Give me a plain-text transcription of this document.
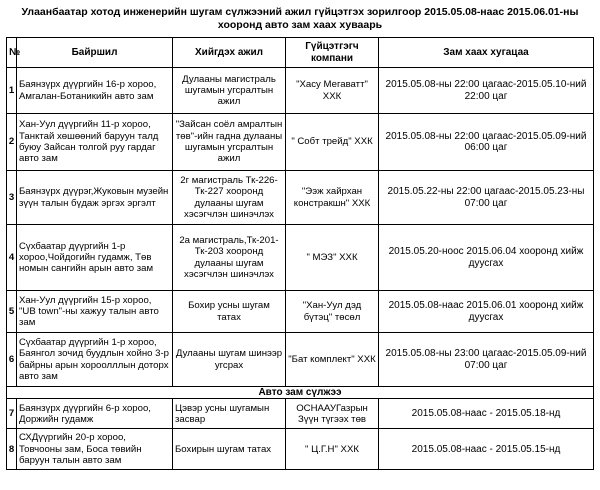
Улаанбаатар хотод инженерийн шугам сүлжээний ажил гүйцэтгэх зорилгоор 2015.05.08-наас 2015.06.01-ны
хооронд авто зам хаах хуваарь
№	Байршил	Хийгдэх ажил	Гүйцэтгэгч компани	Зам хаах хугацаа
1	Баянзүрх дүүргийн 16-р хороо, Амгалан-Ботаникийн авто зам	Дулааны магистраль шугамын угсралтын ажил	"Хасу Мегаватт" ХХК	2015.05.08-ны 22:00 цагаас-2015.05.10-ний 22:00 цаг
2	Хан-Уул дүүргийн 11-р хороо, Танктай хөшөөний баруун талд буюу Зайсан толгой руу гардаг авто зам	"Зайсан соёл амралтын төв"-ийн гадна дулааны шугамын угсралтын ажил	" Собт трейд" ХХК	2015.05.08-ны 22:00 цагаас-2015.05.09-ний 06:00 цаг
3	Баянзүрх дүүрэг,Жуковын музейн зүүн талын бүдаж эргэх эргэлт	2г магистраль Тк-226-Тк-227 хооронд дулааны шугам хэсэгчлэн шинэчлэх	"Ээж хайрхан констракшн" ХХК	2015.05.22-ны 22:00 цагаас-2015.05.23-ны 07:00 цаг
4	Сүхбаатар дүүргийн 1-р хороо,Чойдогийн гудамж, Төв номын сангийн арын авто зам	2а магистраль,Тк-201-Тк-203 хооронд дулааны шугам хэсэгчлэн шинэчлэх	" МЭЗ" ХХК	2015.05.20-ноос 2015.06.04 хооронд хийж дуусгах
5	Хан-Уул дүүргийн 15-р хороо, "UB town"-ны хажуу талын авто зам	Бохир усны шугам татах	"Хан-Уул дэд бүтэц" төсөл	2015.05.08-наас 2015.06.01 хооронд хийж дуусгах
6	Сүхбаатар дүүргийн 1-р хороо, Баянгол зочид буудлын хойно 3-р байрны арын хороолллын доторх авто зам	Дулааны шугам шинээр угсрах	"Бат комплект" ХХК	2015.05.08-ны 23:00 цагаас-2015.05.09-ний 07:00 цаг
Авто зам сүлжээ				
7	Баянзүрх дүүргийн 6-р хороо, Доржийн гудамж	Цэвэр усны шугамын засвар	ОСНААУГазрын Зүүн түгээх төв	2015.05.08-наас - 2015.05.18-нд
8	СХДүүргийн 20-р хороо, Товчооны зам, Боса төвийн баруун талын авто зам	Бохирын шугам татах	" Ц.Г.Н" ХХК	2015.05.08-наас - 2015.05.15-нд
